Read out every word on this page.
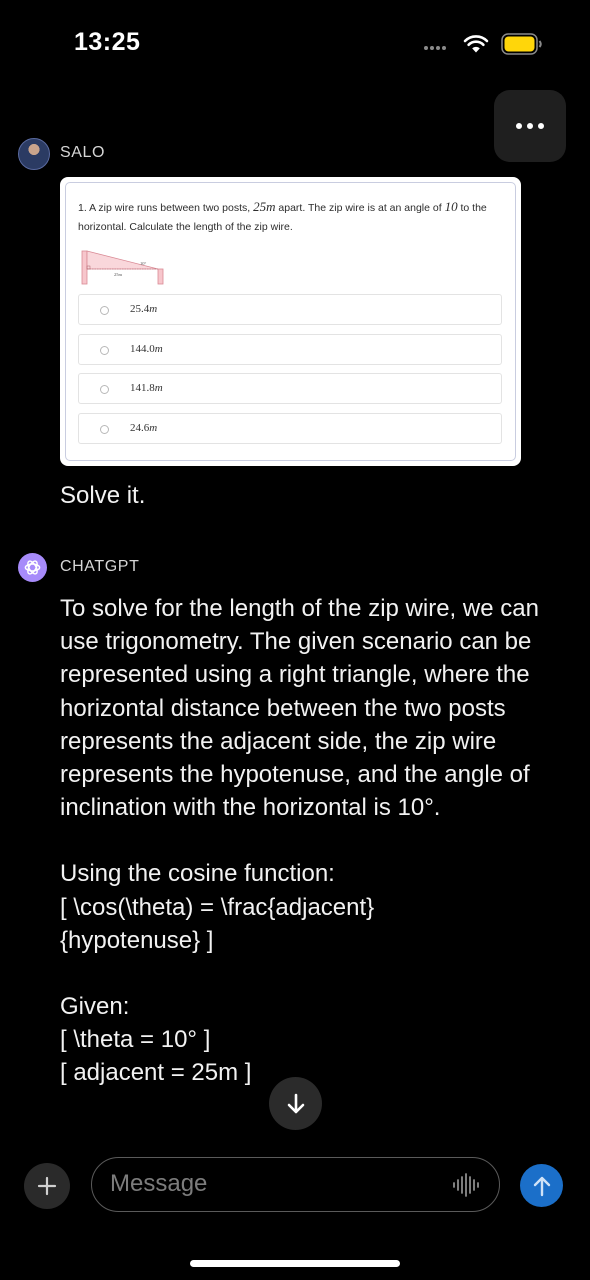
13:25
SALO
1. A zip wire runs between two posts, 25m apart. The zip wire is at an angle of 10 to the horizontal. Calculate the length of the zip wire.
10°
25m
25.4m
144.0m
141.8m
24.6m
Solve it.
CHATGPT

To solve for the length of the zip wire, we can use trigonometry. The given scenario can be represented using a right triangle, where the horizontal distance between the two posts represents the adjacent side, the zip wire represents the hypotenuse, and the angle of inclination with the horizontal is 10°.

Using the cosine function:

[ \cos(\theta) = \frac{adjacent}

{hypotenuse} ]

Given:

[ \theta = 10° ]

[ adjacent = 25m ]

Message
